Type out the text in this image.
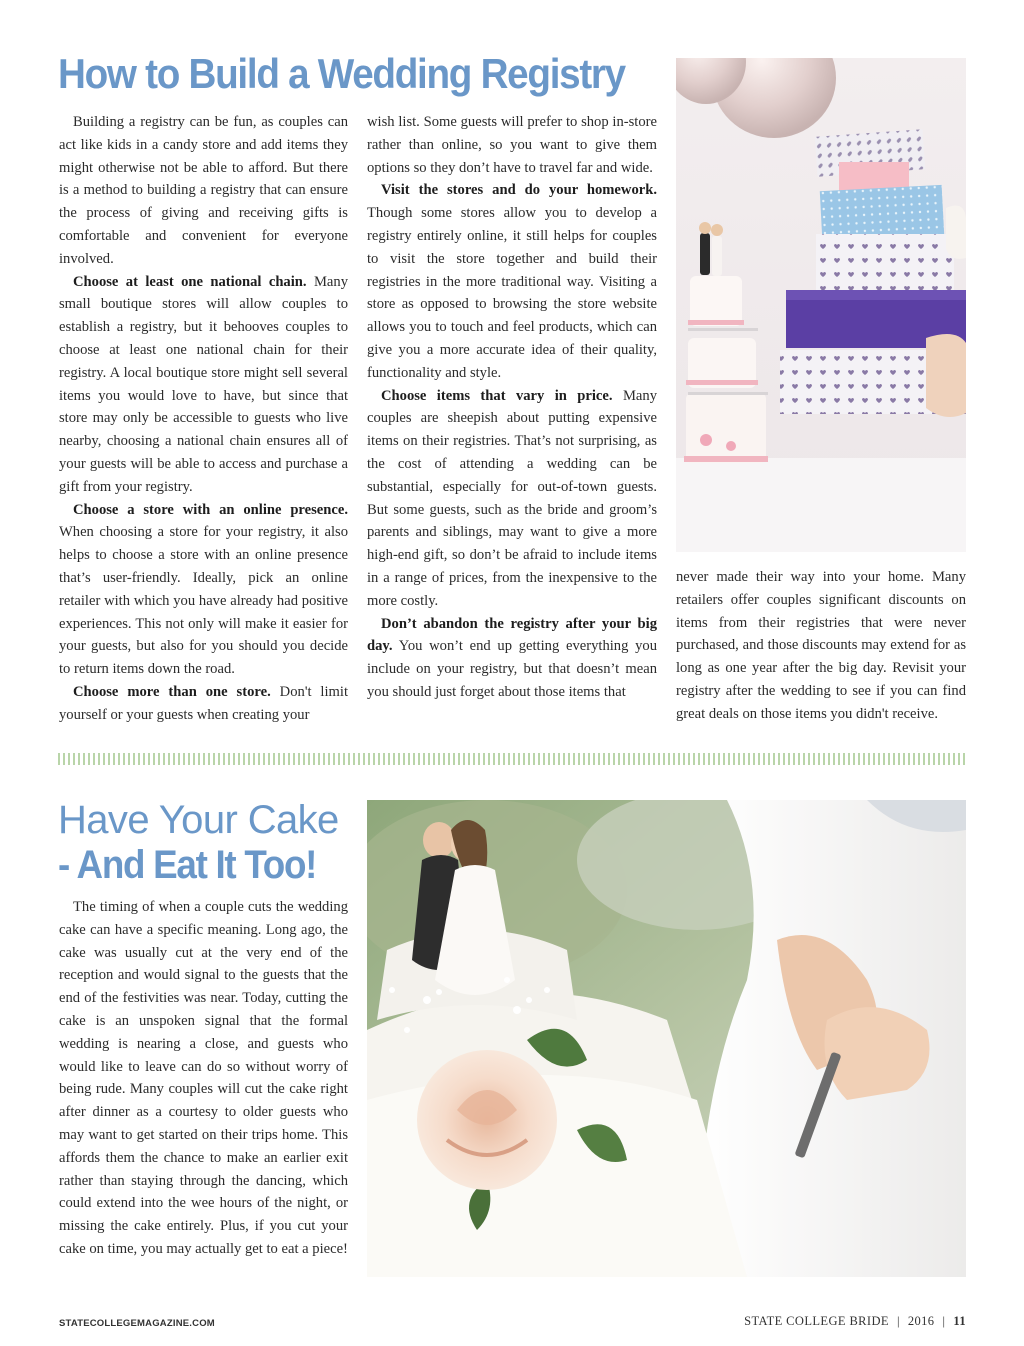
How to Build a Wedding Registry

Building a registry can be fun, as couples can act like kids in a candy store and add items they might otherwise not be able to afford. But there is a method to building a registry that can ensure the process of giving and receiving gifts is comfortable and convenient for everyone involved.

Choose at least one national chain. Many small boutique stores will allow couples to establish a registry, but it behooves couples to choose at least one national chain for their registry. A local boutique store might sell several items you would love to have, but since that store may only be accessible to guests who live nearby, choosing a national chain ensures all of your guests will be able to access and purchase a gift from your registry.

Choose a store with an online presence. When choosing a store for your registry, it also helps to choose a store with an online presence that’s user-friendly. Ideally, pick an online retailer with which you have already had positive experiences. This not only will make it easier for your guests, but also for you should you decide to return items down the road.

Choose more than one store. Don't limit yourself or your guests when creating your

wish list. Some guests will prefer to shop in-store rather than online, so you want to give them options so they don’t have to travel far and wide.

Visit the stores and do your homework. Though some stores allow you to develop a registry entirely online, it still helps for couples to visit the store together and build their registries in the more traditional way. Visiting a store as opposed to browsing the store website allows you to touch and feel products, which can give you a more accurate idea of their quality, functionality and style.

Choose items that vary in price. Many couples are sheepish about putting expensive items on their registries. That’s not surprising, as the cost of attending a wedding can be substantial, especially for out-of-town guests. But some guests, such as the bride and groom’s parents and siblings, may want to give a more high-end gift, so don’t be afraid to include items in a range of prices, from the inexpensive to the more costly.

Don’t abandon the registry after your big day. You won’t end up getting everything you include on your registry, but that doesn’t mean you should just forget about those items that

never made their way into your home. Many retailers offer couples significant discounts on items from their registries that were never purchased, and those discounts may extend for as long as one year after the big day. Revisit your registry after the wedding to see if you can find great deals on those items you didn't receive.

Have Your Cake
- And Eat It Too!

The timing of when a couple cuts the wedding cake can have a specific meaning. Long ago, the cake was usually cut at the very end of the reception and would signal to the guests that the end of the festivities was near. Today, cutting the cake is an unspoken signal that the formal wedding is nearing a close, and guests who would like to leave can do so without worry of being rude. Many couples will cut the cake right after dinner as a courtesy to older guests who may want to get started on their trips home. This affords them the chance to make an earlier exit rather than staying through the dancing, which could extend into the wee hours of the night, or missing the cake entirely. Plus, if you cut your cake on time, you may actually get to eat a piece!

STATECOLLEGEMAGAZINE.COM	STATE COLLEGE BRIDE | 2016 | 11
